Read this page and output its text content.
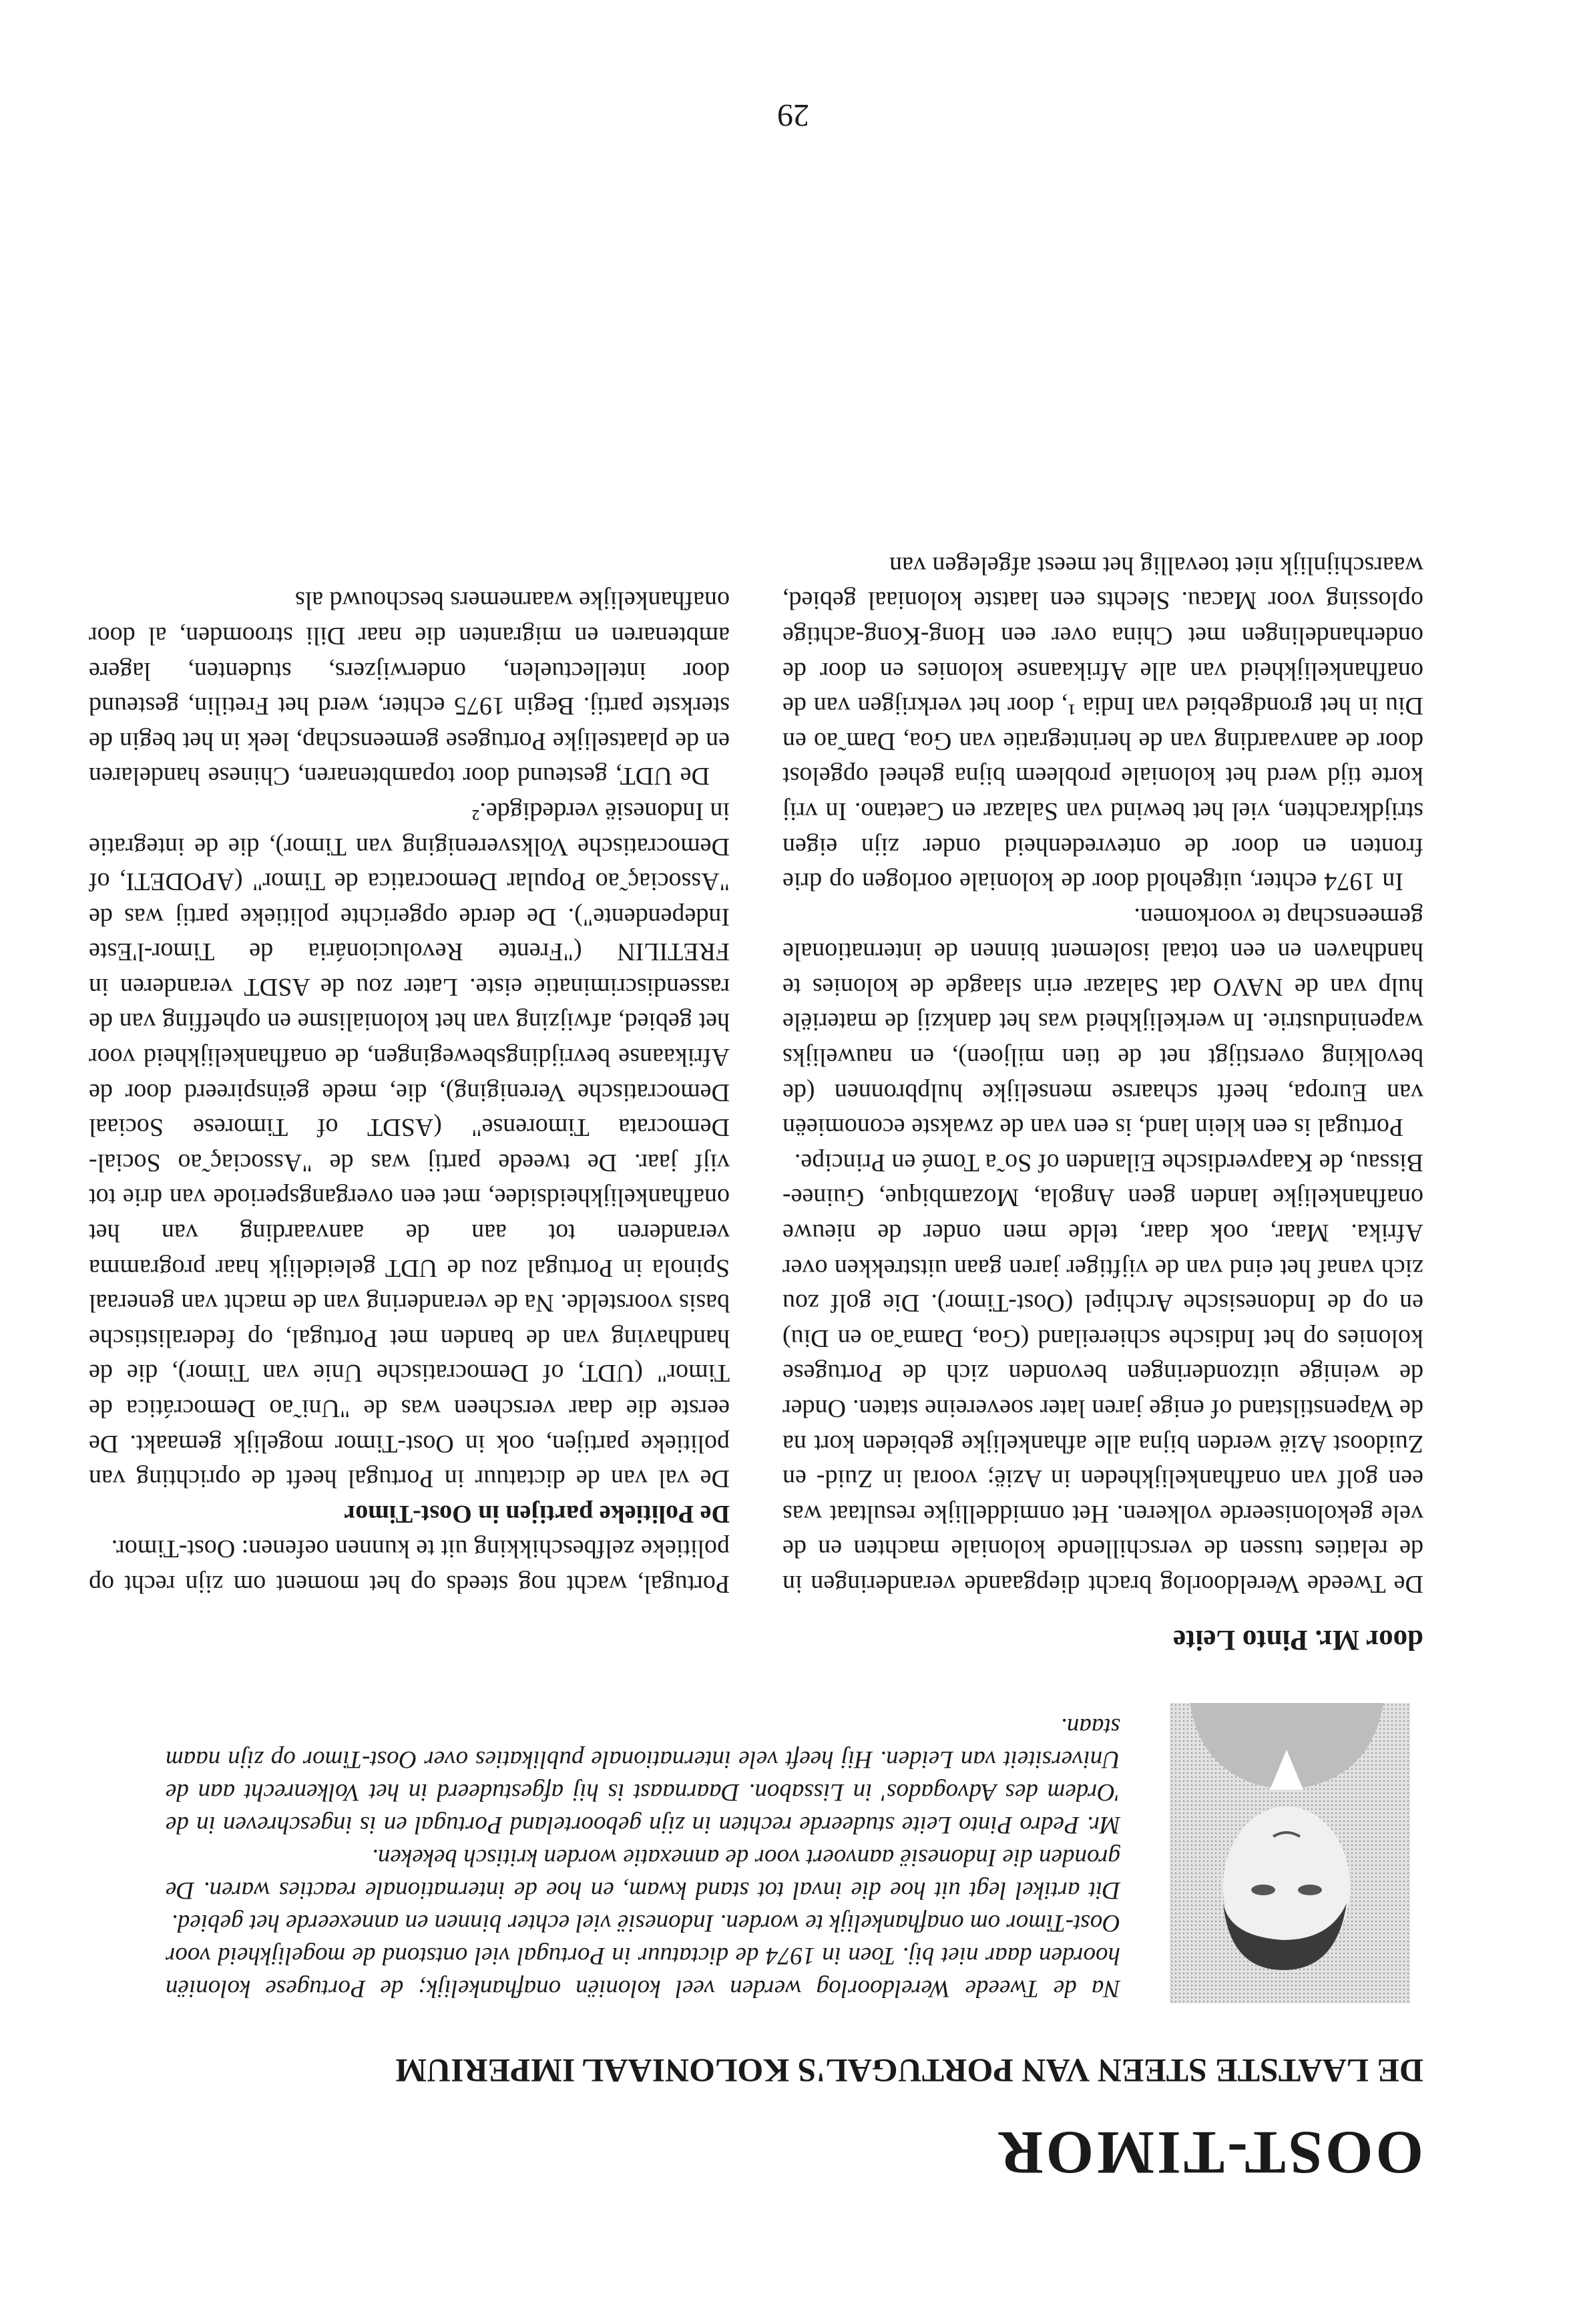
OOST-TIMOR
DE LAATSTE STEEN VAN PORTUGAL'S KOLONIAAL IMPERIUM

Na de Tweede Wereldoorlog werden veel koloniën onafhankelijk; de Portugese koloniën hoorden daar niet bij. Toen in 1974 de dictatuur in Portugal viel ontstond de mogelijkheid voor Oost-Timor om onafhankelijk te worden. Indonesië viel echter binnen en annexeerde het gebied.

Dit artikel legt uit hoe die inval tot stand kwam, en hoe de internationale reacties waren. De gronden die Indonesië aanvoert voor de annexatie worden kritisch bekeken.

Mr. Pedro Pinto Leite studeerde rechten in zijn geboorteland Portugal en is ingeschreven in de 'Ordem des Advogados' in Lissabon. Daarnaast is hij afgestudeerd in het Volkenrecht aan de Universiteit van Leiden. Hij heeft vele internationale publikaties over Oost-Timor op zijn naam staan.

door Mr. Pinto Leite

De Tweede Wereldoorlog bracht diepgaande veranderingen in de relaties tussen de verschillende koloniale machten en de vele gekoloniseerde volkeren. Het onmiddellijke resultaat was een golf van onafhankelijkheden in Azië; vooral in Zuid- en Zuidoost Azië werden bijna alle afhankelijke gebieden kort na de Wapenstilstand of enige jaren later soevereine staten. Onder de weinige uitzonderingen bevonden zich de Portugese kolonies op het Indische schiereiland (Goa, Dama˜ao en Diu) en op de Indonesische Archipel (Oost-Timor). Die golf zou zich vanaf het eind van de vijftiger jaren gaan uitstrekken over Afrika. Maar, ook daar, telde men onder de nieuwe onafhankelijke landen geen Angola, Mozambique, Guinee-Bissau, de Kaapverdische Eilanden of So˜a Tomé en Principe.

Portugal is een klein land, is een van de zwakste economieën van Europa, heeft schaarse menselijke hulpbronnen (de bevolking overstijgt net de tien miljoen), en nauwelijks wapenindustrie. In werkelijkheid was het dankzij de materiële hulp van de NAVO dat Salazar erin slaagde de kolonies te handhaven en een totaal isolement binnen de internationale gemeenschap te voorkomen.

In 1974 echter, uitgehold door de koloniale oorlogen op drie fronten en door de ontevredenheid onder zijn eigen strijdkrachten, viel het bewind van Salazar en Caetano. In vrij korte tijd werd het koloniale probleem bijna geheel opgelost door de aanvaarding van de herintegratie van Goa, Dam˜ao en Diu in het grondgebied van India ¹, door het verkrijgen van de onafhankelijkheid van alle Afrikaanse kolonies en door de onderhandelingen met China over een Hong-Kong-achtige oplossing voor Macau. Slechts een laatste koloniaal gebied, waarschijnlijk niet toevallig het meest afgelegen van

Portugal, wacht nog steeds op het moment om zijn recht op politieke zelfbeschikking uit te kunnen oefenen: Oost-Timor.

De Politieke partijen in Oost-Timor

De val van de dictatuur in Portugal heeft de oprichting van politieke partijen, ook in Oost-Timor mogelijk gemaakt. De eerste die daar verscheen was de "Uni˜ao Democrática de Timor" (UDT, of Democratische Unie van Timor), die de handhaving van de banden met Portugal, op federalistische basis voorstelde. Na de verandering van de macht van generaal Spinola in Portugal zou de UDT geleidelijk haar programma veranderen tot aan de aanvaarding van het onafhankelijkheidsidee, met een overgangsperiode van drie tot vijf jaar. De tweede partij was de "Associaç˜ao Social-Democrata Timorense" (ASDT of Timorese Sociaal Democratische Vereniging), die, mede geïnspireerd door de Afrikaanse bevrijdingsbewegingen, de onafhankelijkheid voor het gebied, afwijzing van het kolonialisme en opheffing van de rassendiscriminatie eiste. Later zou de ASDT veranderen in FRETILIN ("Frente Revolucionária de Timor-l'Este Independente"). De derde opgerichte politieke partij was de "Associaç˜ao Popular Democratica de Timor" (APODETI, of Democratische Volksvereniging van Timor), die de integratie in Indonesië verdedigde.²

De UDT, gesteund door topambtenaren, Chinese handelaren en de plaatselijke Portugese gemeenschap, leek in het begin de sterkste partij. Begin 1975 echter, werd het Fretilin, gesteund door intellectuelen, onderwijzers, studenten, lagere ambtenaren en migranten die naar Dili stroomden, al door onafhankelijke waarnemers beschouwd als

29
